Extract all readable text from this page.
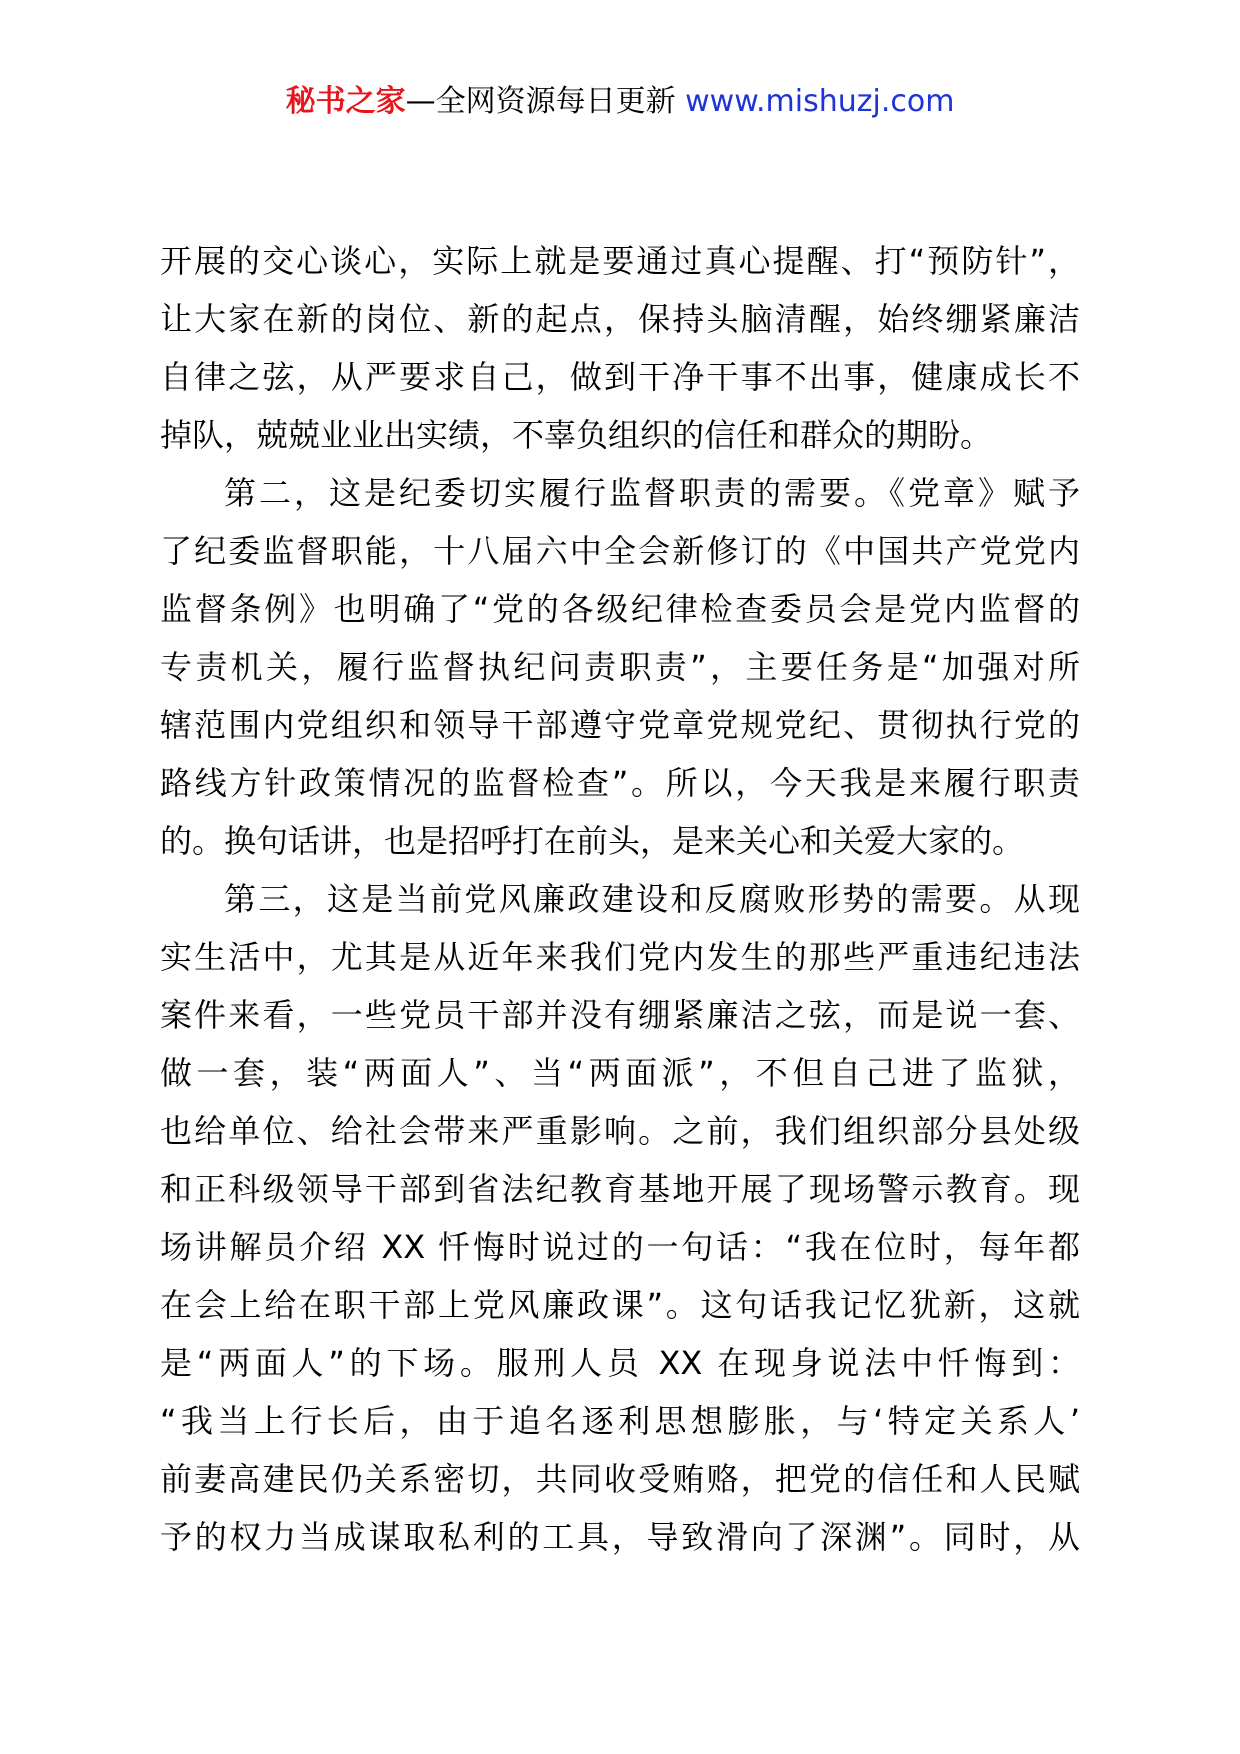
秘书之家—全网资源每日更新 www.mishuzj.com
开展的交心谈心，实际上就是要通过真心提醒、打“预防针”，
让大家在新的岗位、新的起点，保持头脑清醒，始终绷紧廉洁
自律之弦，从严要求自己，做到干净干事不出事，健康成长不
掉队，兢兢业业出实绩，不辜负组织的信任和群众的期盼。
第二，这是纪委切实履行监督职责的需要。《党章》赋予
了纪委监督职能，十八届六中全会新修订的《中国共产党党内
监督条例》也明确了“党的各级纪律检查委员会是党内监督的
专责机关，履行监督执纪问责职责”，主要任务是“加强对所
辖范围内党组织和领导干部遵守党章党规党纪、贯彻执行党的
路线方针政策情况的监督检查”。所以，今天我是来履行职责
的。换句话讲，也是招呼打在前头，是来关心和关爱大家的。
第三，这是当前党风廉政建设和反腐败形势的需要。从现
实生活中，尤其是从近年来我们党内发生的那些严重违纪违法
案件来看，一些党员干部并没有绷紧廉洁之弦，而是说一套、
做一套，装“两面人”、当“两面派”，不但自己进了监狱，
也给单位、给社会带来严重影响。之前，我们组织部分县处级
和正科级领导干部到省法纪教育基地开展了现场警示教育。现
场讲解员介绍 XX 忏悔时说过的一句话：“我在位时，每年都
在会上给在职干部上党风廉政课”。这句话我记忆犹新，这就
是“两面人”的下场。服刑人员 XX 在现身说法中忏悔到：
“我当上行长后，由于追名逐利思想膨胀，与‘特定关系人’
前妻高建民仍关系密切，共同收受贿赂，把党的信任和人民赋
予的权力当成谋取私利的工具，导致滑向了深渊”。同时，从
